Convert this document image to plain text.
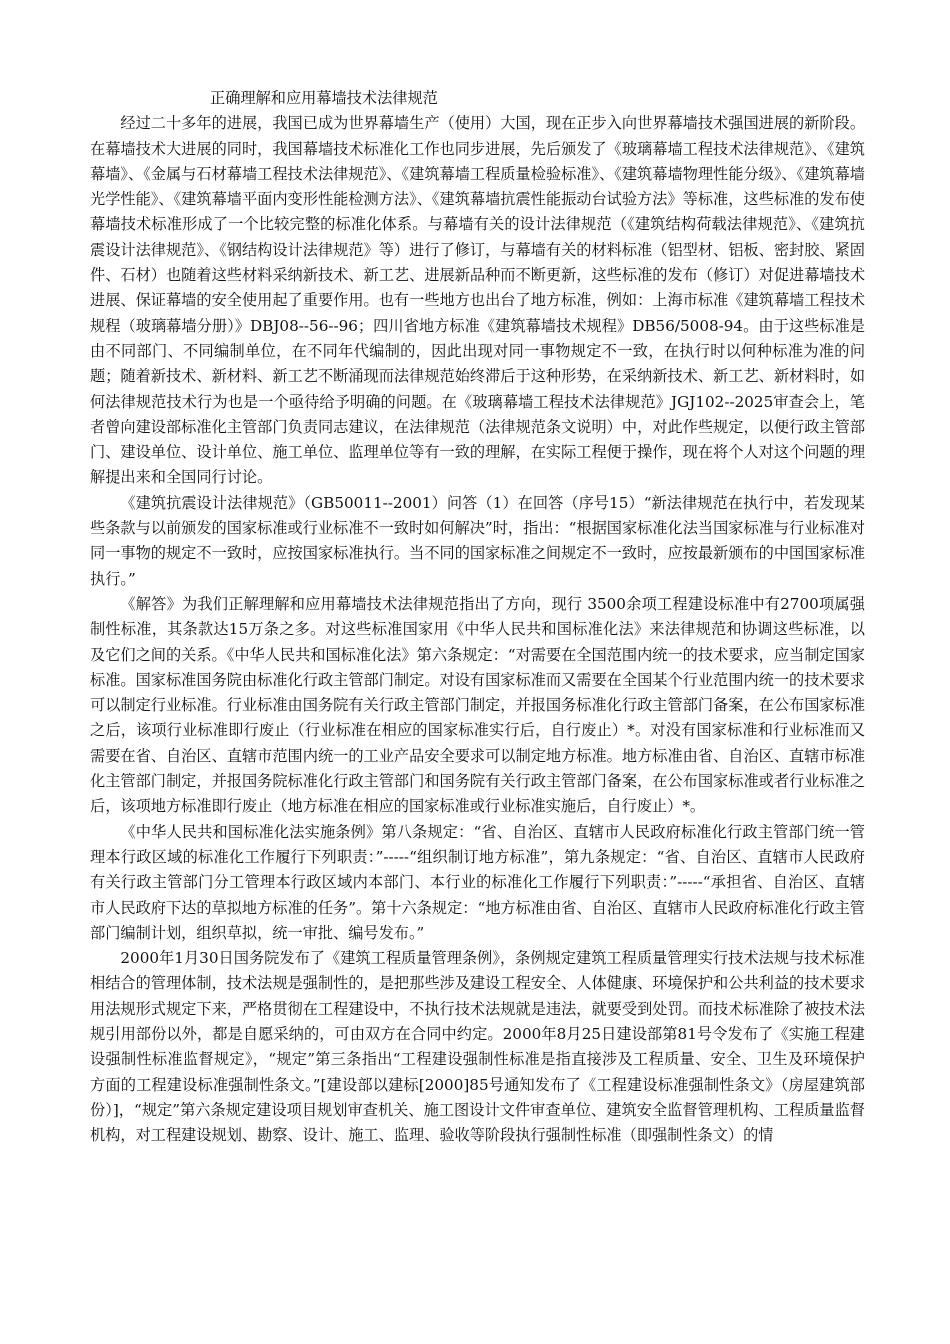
正确理解和应用幕墙技术法律规范

经过二十多年的进展，我国已成为世界幕墙生产（使用）大国，现在正步入向世界幕墙技术强国进展的新阶段。在幕墙技术大进展的同时，我国幕墙技术标准化工作也同步进展，先后颁发了《玻璃幕墙工程技术法律规范》、《建筑幕墙》、《金属与石材幕墙工程技术法律规范》、《建筑幕墙工程质量检验标准》、《建筑幕墙物理性能分级》、《建筑幕墙光学性能》、《建筑幕墙平面内变形性能检测方法》、《建筑幕墙抗震性能振动台试验方法》等标准，这些标准的发布使幕墙技术标准形成了一个比较完整的标准化体系。与幕墙有关的设计法律规范（《建筑结构荷载法律规范》、《建筑抗震设计法律规范》、《钢结构设计法律规范》等）进行了修订，与幕墙有关的材料标准（铝型材、铝板、密封胶、紧固件、石材）也随着这些材料采纳新技术、新工艺、进展新品种而不断更新，这些标准的发布（修订）对促进幕墙技术进展、保证幕墙的安全使用起了重要作用。也有一些地方也出台了地方标准，例如：上海市标准《建筑幕墙工程技术规程（玻璃幕墙分册）》DBJ08--56--96；四川省地方标准《建筑幕墙技术规程》DB56/5008-94。由于这些标准是由不同部门、不同编制单位，在不同年代编制的，因此出现对同一事物规定不一致，在执行时以何种标准为准的问题；随着新技术、新材料、新工艺不断涌现而法律规范始终滞后于这种形势，在采纳新技术、新工艺、新材料时，如何法律规范技术行为也是一个亟待给予明确的问题。在《玻璃幕墙工程技术法律规范》JGJ102--2025审查会上，笔者曾向建设部标准化主管部门负责同志建议，在法律规范（法律规范条文说明）中，对此作些规定，以便行政主管部门、建设单位、设计单位、施工单位、监理单位等有一致的理解，在实际工程便于操作，现在将个人对这个问题的理解提出来和全国同行讨论。

《建筑抗震设计法律规范》（GB50011--2001）问答（1）在回答（序号15）“新法律规范在执行中，若发现某些条款与以前颁发的国家标准或行业标准不一致时如何解决”时，指出：“根据国家标准化法当国家标准与行业标准对同一事物的规定不一致时，应按国家标准执行。当不同的国家标准之间规定不一致时，应按最新颁布的中国国家标准执行。”

《解答》为我们正解理解和应用幕墙技术法律规范指出了方向，现行 3500余项工程建设标准中有2700项属强制性标准，其条款达15万条之多。对这些标准国家用《中华人民共和国标准化法》来法律规范和协调这些标准，以及它们之间的关系。《中华人民共和国标准化法》第六条规定：“对需要在全国范围内统一的技术要求，应当制定国家标准。国家标准国务院由标准化行政主管部门制定。对设有国家标准而又需要在全国某个行业范围内统一的技术要求可以制定行业标准。行业标准由国务院有关行政主管部门制定，并报国务标准化行政主管部门备案，在公布国家标准之后，该项行业标准即行废止（行业标准在相应的国家标准实行后，自行废止）*。对没有国家标准和行业标准而又需要在省、自治区、直辖市范围内统一的工业产品安全要求可以制定地方标准。地方标准由省、自治区、直辖市标准化主管部门制定，并报国务院标准化行政主管部门和国务院有关行政主管部门备案，在公布国家标准或者行业标准之后，该项地方标准即行废止（地方标准在相应的国家标准或行业标准实施后，自行废止）*。

《中华人民共和国标准化法实施条例》第八条规定：“省、自治区、直辖市人民政府标准化行政主管部门统一管理本行政区域的标准化工作履行下列职责：”-----“组织制订地方标准”，第九条规定：“省、自治区、直辖市人民政府有关行政主管部门分工管理本行政区域内本部门、本行业的标准化工作履行下列职责：”-----“承担省、自治区、直辖市人民政府下达的草拟地方标准的任务”。第十六条规定：“地方标准由省、自治区、直辖市人民政府标准化行政主管部门编制计划，组织草拟，统一审批、编号发布。”

2000年1月30日国务院发布了《建筑工程质量管理条例》，条例规定建筑工程质量管理实行技术法规与技术标准相结合的管理体制，技术法规是强制性的，是把那些涉及建设工程安全、人体健康、环境保护和公共利益的技术要求用法规形式规定下来，严格贯彻在工程建设中，不执行技术法规就是违法，就要受到处罚。而技术标准除了被技术法规引用部份以外，都是自愿采纳的，可由双方在合同中约定。2000年8月25日建设部第81号令发布了《实施工程建设强制性标准监督规定》，“规定”第三条指出“工程建设强制性标准是指直接涉及工程质量、安全、卫生及环境保护方面的工程建设标准强制性条文。”[建设部以建标[2000]85号通知发布了《工程建设标准强制性条文》（房屋建筑部份）]，“规定”第六条规定建设项目规划审查机关、施工图设计文件审查单位、建筑安全监督管理机构、工程质量监督机构，对工程建设规划、勘察、设计、施工、监理、验收等阶段执行强制性标准（即强制性条文）的情
